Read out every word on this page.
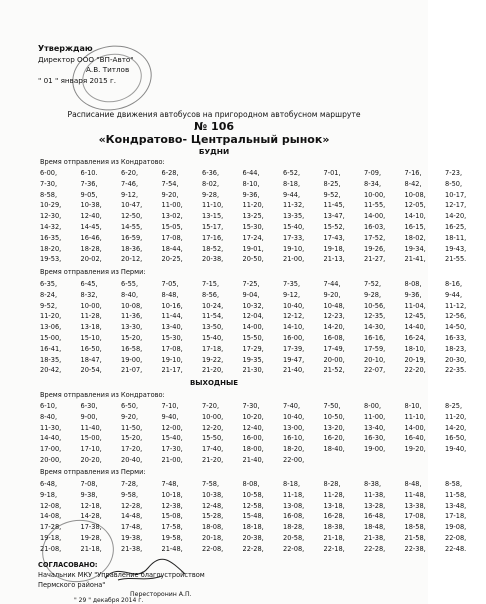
Утверждаю
Директор ООО "ВП-Авто"
А.В. Титлов
" 01 " января 2015 г.
Расписание движения автобусов на пригородном автобусном маршруте
№ 106
«Кондратово- Центральный рынок»
БУДНИ
Время отправления из Кондратово:
6-00,	6-10.	6-20,	6-28,	6-36,	6-44,	6-52,	7-01,	7-09,	7-16,	7-23,
7-30,	7-36,	7-46,	7-54,	8-02,	8-10,	8-18,	8-25,	8-34,	8-42,	8-50,
8-58,	9-05,	9-12,	9-20,	9-28,	9-36,	9-44,	9-52,	10-00,	10-08,	10-17,
10-29,	10-38,	10-47,	11-00,	11-10,	11-20,	11-32,	11-45,	11-55,	12-05,	12-17,
12-30,	12-40,	12-50,	13-02,	13-15,	13-25,	13-35,	13-47,	14-00,	14-10,	14-20,
14-32,	14-45,	14-55,	15-05,	15-17,	15-30,	15-40,	15-52,	16-03,	16-15,	16-25,
16-35,	16-46,	16-59,	17-08,	17-16,	17-24,	17-33,	17-43,	17-52,	18-02,	18-11,
18-20,	18-28,	18-36,	18-44,	18-52,	19-01,	19-10,	19-18,	19-26,	19-34,	19-43,
19-53,	20-02,	20-12,	20-25,	20-38,	20-50,	21-00,	21-13,	21-27,	21-41,	21-55.
Время отправления из Перми:
6-35,	6-45,	6-55,	7-05,	7-15,	7-25,	7-35,	7-44,	7-52,	8-08,	8-16,
8-24,	8-32,	8-40,	8-48,	8-56,	9-04,	9-12,	9-20,	9-28,	9-36,	9-44,
9-52,	10-00,	10-08,	10-16,	10-24,	10-32,	10-40,	10-48,	10-56,	11-04,	11-12,
11-20,	11-28,	11-36,	11-44,	11-54,	12-04,	12-12,	12-23,	12-35,	12-45,	12-56,
13-06,	13-18,	13-30,	13-40,	13-50,	14-00,	14-10,	14-20,	14-30,	14-40,	14-50,
15-00,	15-10,	15-20,	15-30,	15-40,	15-50,	16-00,	16-08,	16-16,	16-24,	16-33,
16-41,	16-50,	16-58,	17-08,	17-18,	17-29,	17-39,	17-49,	17-59,	18-10,	18-23,
18-35,	18-47,	19-00,	19-10,	19-22,	19-35,	19-47,	20-00,	20-10,	20-19,	20-30,
20-42,	20-54,	21-07,	21-17,	21-20,	21-30,	21-40,	21-52,	22-07,	22-20,	22-35.
ВЫХОДНЫЕ
Время отправления из Кондратово:
6-10,	6-30,	6-50,	7-10,	7-20,	7-30,	7-40,	7-50,	8-00,	8-10,	8-25,
8-40,	9-00,	9-20,	9-40,	10-00,	10-20,	10-40,	10-50,	11-00,	11-10,	11-20,
11-30,	11-40,	11-50,	12-00,	12-20,	12-40,	13-00,	13-20,	13-40,	14-00,	14-20,
14-40,	15-00,	15-20,	15-40,	15-50,	16-00,	16-10,	16-20,	16-30,	16-40,	16-50,
17-00,	17-10,	17-20,	17-30,	17-40,	18-00,	18-20,	18-40,	19-00,	19-20,	19-40,
20-00,	20-20,	20-40,	21-00,	21-20,	21-40,	22-00,
Время отправления из Перми:
6-48,	7-08,	7-28,	7-48,	7-58,	8-08,	8-18,	8-28,	8-38,	8-48,	8-58,
9-18,	9-38,	9-58,	10-18,	10-38,	10-58,	11-18,	11-28,	11-38,	11-48,	11-58,
12-08,	12-18,	12-28,	12-38,	12-48,	12-58,	13-08,	13-18,	13-28,	13-38,	13-48,
14-08,	14-28,	14-48,	15-08,	15-28,	15-48,	16-08,	16-28,	16-48,	17-08,	17-18,
17-28,	17-38,	17-48,	17-58,	18-08,	18-18,	18-28,	18-38,	18-48,	18-58,	19-08,
19-18,	19-28,	19-38,	19-58,	20-18,	20-38,	20-58,	21-18,	21-38,	21-58,	22-08,
21-08,	21-18,	21-38,	21-48,	22-08,	22-28,	22-08,	22-18,	22-28,	22-38,	22-48.
СОГЛАСОВАНО:
Начальник МКУ "Управление благоустройством
Пермского района"
Пересторонин А.П.
" 29 " декабря 2014 г.
